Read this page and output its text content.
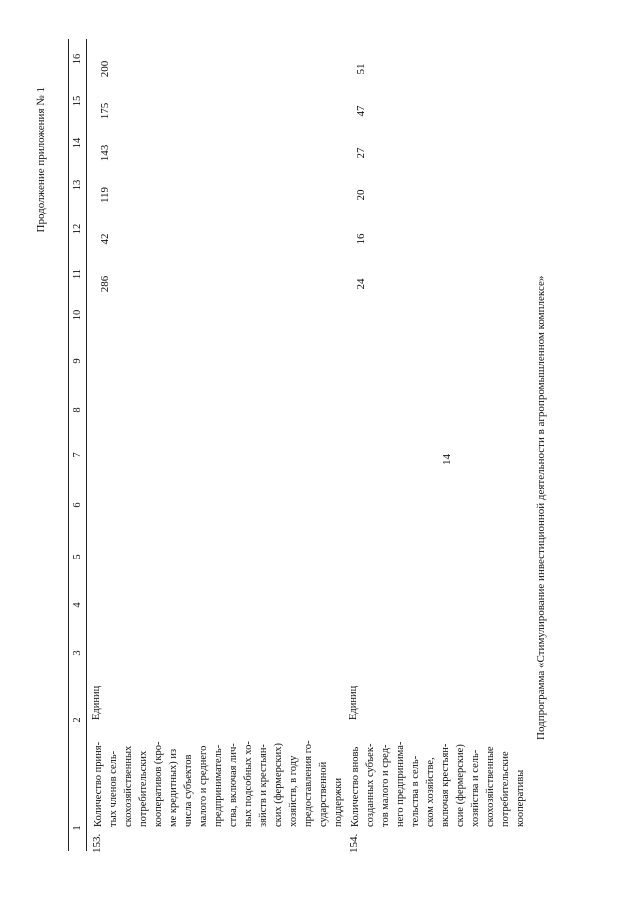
14
Продолжение приложения № 1
1
2
3
4
5
6
7
8
9
10
11
12
13
14
15
16
153.
Количество приня- тых членов сель- скохозяйственных потребительских кооперативов (кро- ме кредитных) из числа субъектов малого и среднего предприниматель- ства, включая лич- ных подсобных хо- зяйств и крестьян- ских (фермерских) хозяйств, в году предоставления го- сударственной поддержки
Единиц
286
42
119
143
175
200
154.
Количество вновь созданных субъек- тов малого и сред- него предпринима- тельства в сель- ском хозяйстве, включая крестьян- ские (фермерские) хозяйства и сель- скохозяйственные потребительские кооперативы
Единиц
24
16
20
27
47
51
Подпрограмма «Стимулирование инвестиционной деятельности в агропромышленном комплексе»
